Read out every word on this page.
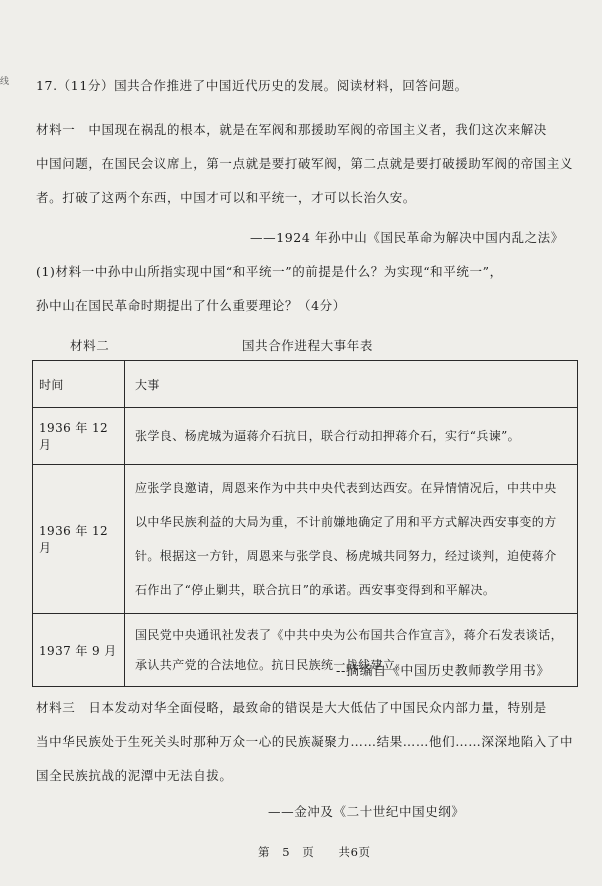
线 17.（11分）国共合作推进了中国近代历史的发展。阅读材料，回答问题。
材料一　中国现在祸乱的根本，就是在军阀和那援助军阀的帝国主义者，我们这次来解决
中国问题，在国民会议席上，第一点就是要打破军阀，第二点就是要打破援助军阀的帝国主义
者。打破了这两个东西，中国才可以和平统一，才可以长治久安。
——1924 年孙中山《国民革命为解决中国内乱之法》
(1)材料一中孙中山所指实现中国“和平统一”的前提是什么？为实现“和平统一”，
孙中山在国民革命时期提出了什么重要理论？（4分）
材料二	国共合作进程大事年表
时间	大事
1936 年 12 月	张学良、杨虎城为逼蒋介石抗日，联合行动扣押蒋介石，实行“兵谏”。

1936 年 12 月	应张学良邀请，周恩来作为中共中央代表到达西安。在异情情况后，中共中央
以中华民族利益的大局为重，不计前嫌地确定了用和平方式解决西安事变的方
针。根据这一方针，周恩来与张学良、杨虎城共同努力，经过谈判，迫使蒋介
石作出了“停止剿共，联合抗日”的承诺。西安事变得到和平解决。

1937 年 9 月	国民党中央通讯社发表了《中共中央为公布国共合作宣言》，蒋介石发表谈话，
承认共产党的合法地位。抗日民族统一战线建立。
--摘编自《中国历史教师教学用书》
材料三　日本发动对华全面侵略，最致命的错误是大大低估了中国民众内部力量，特别是
当中华民族处于生死关头时那种万众一心的民族凝聚力……结果……他们……深深地陷入了中
国全民族抗战的泥潭中无法自拔。
——金冲及《二十世纪中国史纲》
第　5　页　　共6页
